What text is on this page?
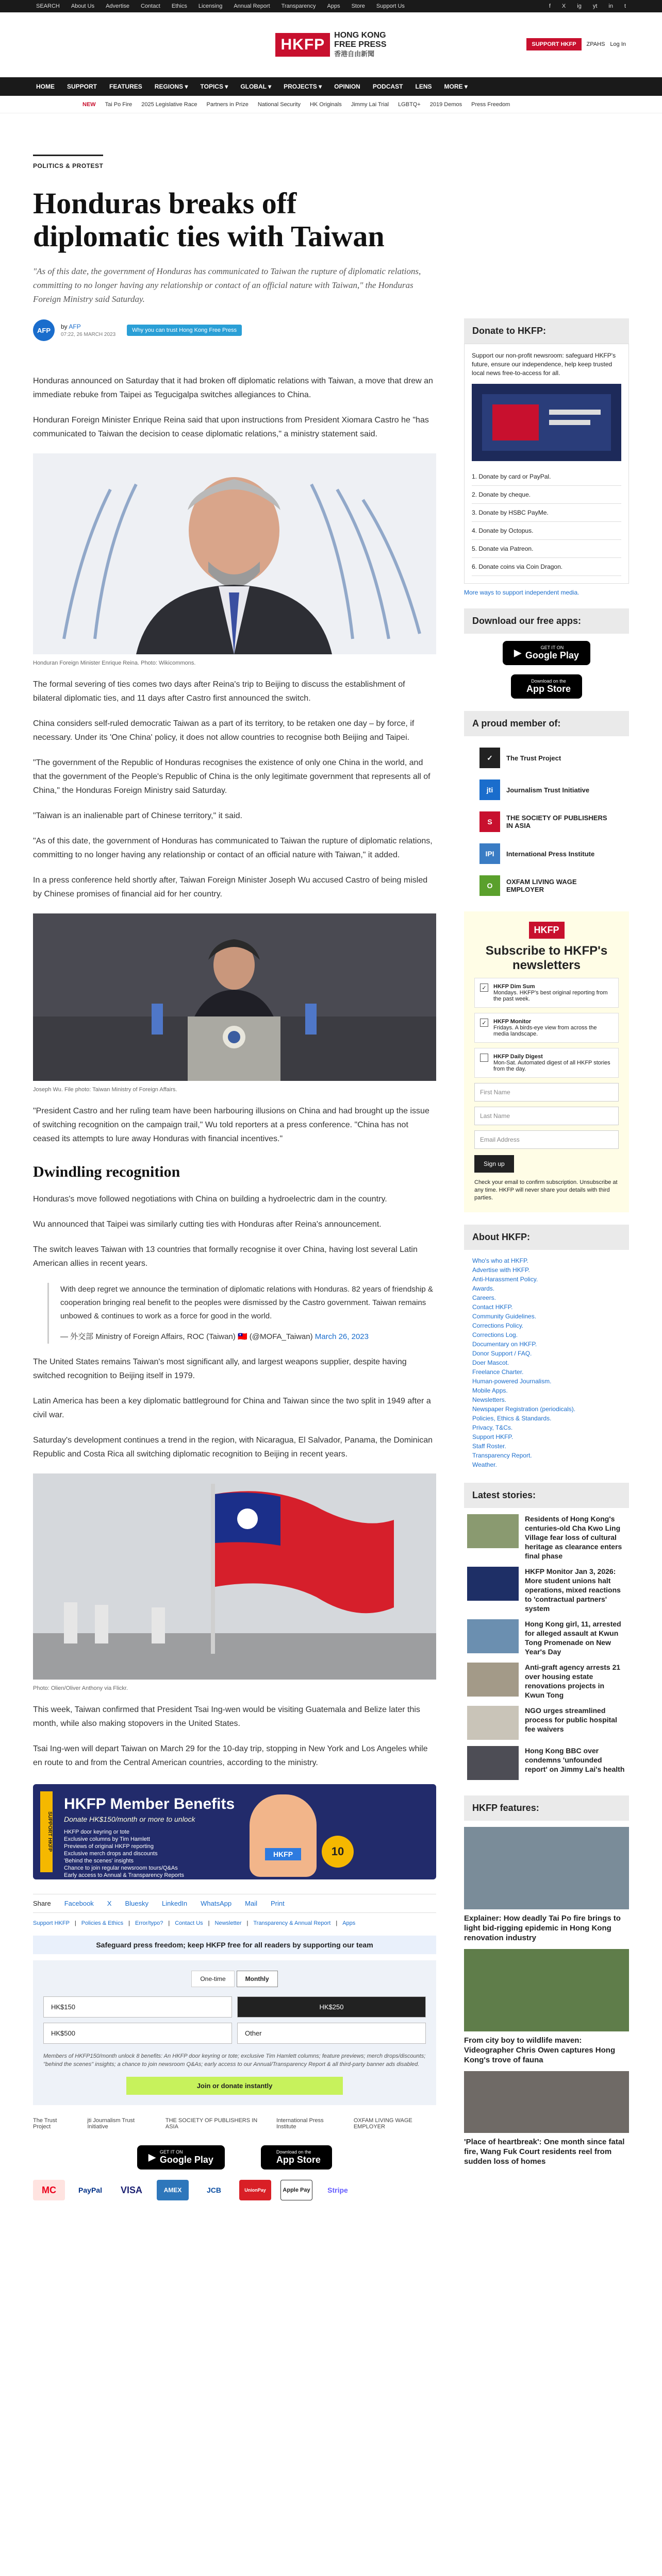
SEARCH About Us Advertise Contact Ethics Licensing Annual Report Transparency Apps Store Support Us	f X ig yt in t
HKFP
HONG KONG
FREE PRESS
香港自由新聞
SUPPORT HKFP	ZPAHS Log In
HOME SUPPORT FEATURES REGIONS ▾ TOPICS ▾ GLOBAL ▾ PROJECTS ▾ OPINION PODCAST LENS MORE ▾
NEW Tai Po Fire 2025 Legislative Race Partners in Prize National Security HK Originals Jimmy Lai Trial LGBTQ+ 2019 Demos Press Freedom
POLITICS & PROTEST
Honduras breaks off diplomatic ties with Taiwan
"As of this date, the government of Honduras has communicated to Taiwan the rupture of diplomatic relations, committing to no longer having any relationship or contact of an official nature with Taiwan," the Honduras Foreign Ministry said Saturday.
AFP	by AFP
07:22, 26 MARCH 2023
Why you can trust Hong Kong Free Press

Honduras announced on Saturday that it had broken off diplomatic relations with Taiwan, a move that drew an immediate rebuke from Taipei as Tegucigalpa switches allegiances to China.

Honduran Foreign Minister Enrique Reina said that upon instructions from President Xiomara Castro he "has communicated to Taiwan the decision to cease diplomatic relations," a ministry statement said.

Honduran Foreign Minister Enrique Reina. Photo: Wikicommons.

The formal severing of ties comes two days after Reina's trip to Beijing to discuss the establishment of bilateral diplomatic ties, and 11 days after Castro first announced the switch.

China considers self-ruled democratic Taiwan as a part of its territory, to be retaken one day – by force, if necessary. Under its 'One China' policy, it does not allow countries to recognise both Beijing and Taipei.

"The government of the Republic of Honduras recognises the existence of only one China in the world, and that the government of the People's Republic of China is the only legitimate government that represents all of China," the Honduras Foreign Ministry said Saturday.

"Taiwan is an inalienable part of Chinese territory," it said.

"As of this date, the government of Honduras has communicated to Taiwan the rupture of diplomatic relations, committing to no longer having any relationship or contact of an official nature with Taiwan," it added.

In a press conference held shortly after, Taiwan Foreign Minister Joseph Wu accused Castro of being misled by Chinese promises of financial aid for her country.

Joseph Wu. File photo: Taiwan Ministry of Foreign Affairs.

"President Castro and her ruling team have been harbouring illusions on China and had brought up the issue of switching recognition on the campaign trail," Wu told reporters at a press conference. "China has not ceased its attempts to lure away Honduras with financial incentives."

Dwindling recognition

Honduras's move followed negotiations with China on building a hydroelectric dam in the country.

Wu announced that Taipei was similarly cutting ties with Honduras after Reina's announcement.

The switch leaves Taiwan with 13 countries that formally recognise it over China, having lost several Latin American allies in recent years.

With deep regret we announce the termination of diplomatic relations with Honduras. 82 years of friendship & cooperation bringing real benefit to the peoples were dismissed by the Castro government. Taiwan remains unbowed & continues to work as a force for good in the world.
— 外交部 Ministry of Foreign Affairs, ROC (Taiwan) 🇹🇼 (@MOFA_Taiwan) March 26, 2023

The United States remains Taiwan's most significant ally, and largest weapons supplier, despite having switched recognition to Beijing itself in 1979.

Latin America has been a key diplomatic battleground for China and Taiwan since the two split in 1949 after a civil war.

Saturday's development continues a trend in the region, with Nicaragua, El Salvador, Panama, the Dominican Republic and Costa Rica all switching diplomatic recognition to Beijing in recent years.

Photo: Olien/Oliver Anthony via Flickr.

This week, Taiwan confirmed that President Tsai Ing-wen would be visiting Guatemala and Belize later this month, while also making stopovers in the United States.

Tsai Ing-wen will depart Taiwan on March 29 for the 10-day trip, stopping in New York and Los Angeles while en route to and from the Central American countries, according to the ministry.

SUPPORT HKFP
HKFP Member Benefits
Donate HK$150/month or more to unlock
HKFP door keyring or tote
Exclusive columns by Tim Hamlett
Previews of original HKFP reporting
Exclusive merch drops and discounts
'Behind the scenes' insights
Chance to join regular newsroom tours/Q&As
Early access to Annual & Transparency Reports
All third-party banner ads disabled
HKFP	10
Share Facebook X Bluesky LinkedIn WhatsApp Mail Print
Support HKFP | Policies & Ethics | Error/typo? | Contact Us | Newsletter | Transparency & Annual Report | Apps
Safeguard press freedom; keep HKFP free for all readers by supporting our team
One-time	Monthly
HK$150	HK$250
HK$500	Other
Members of HKFP150/month unlock 8 benefits: An HKFP door keyring or tote; exclusive Tim Hamlett columns; feature previews; merch drops/discounts; "behind the scenes" insights; a chance to join newsroom Q&As; early access to our Annual/Transparency Report & all third-party banner ads disabled.
Join or donate instantly
The Trust Project
jti Journalism Trust Initiative
THE SOCIETY OF PUBLISHERS IN ASIA
International Press Institute
OXFAM LIVING WAGE EMPLOYER
▶ GET IT ON
Google Play
Download on the
App Store
MC	PayPal	VISA	AMEX	JCB	UnionPay	Apple Pay	Stripe
Donate to HKFP:

Support our non-profit newsroom: safeguard HKFP's future, ensure our independence, help keep trusted local news free-to-access for all.

1. Donate by card or PayPal.
2. Donate by cheque.
3. Donate by HSBC PayMe.
4. Donate by Octopus.
5. Donate via Patreon.
6. Donate coins via Coin Dragon.
More ways to support independent media.
Download our free apps:
▶	GET IT ON
Google Play

Download on the
App Store
A proud member of:
✓	The Trust Project
jti	Journalism Trust Initiative
S	THE SOCIETY OF PUBLISHERS IN ASIA
IPI	International Press Institute
O	OXFAM LIVING WAGE EMPLOYER
HKFP
Subscribe to HKFP's newsletters
✓	HKFP Dim Sum
Mondays. HKFP's best original reporting from the past week.
✓	HKFP Monitor
Fridays. A birds-eye view from across the media landscape.
HKFP Daily Digest
Mon-Sat. Automated digest of all HKFP stories from the day.
First Name
Last Name
Email Address
Sign up

Check your email to confirm subscription. Unsubscribe at any time. HKFP will never share your details with third parties.

About HKFP:
Who's who at HKFP.
Advertise with HKFP.
Anti-Harassment Policy.
Awards.
Careers.
Contact HKFP.
Community Guidelines.
Corrections Policy.
Corrections Log.
Documentary on HKFP.
Donor Support / FAQ.
Doer Mascot.
Freelance Charter.
Human-powered Journalism.
Mobile Apps.
Newsletters.
Newspaper Registration (periodicals).
Policies, Ethics & Standards.
Privacy, T&Cs.
Support HKFP.
Staff Roster.
Transparency Report.
Weather.
Latest stories:
Residents of Hong Kong's centuries-old Cha Kwo Ling Village fear loss of cultural heritage as clearance enters final phase
HKFP Monitor Jan 3, 2026: More student unions halt operations, mixed reactions to 'contractual partners' system
Hong Kong girl, 11, arrested for alleged assault at Kwun Tong Promenade on New Year's Day
Anti-graft agency arrests 21 over housing estate renovations projects in Kwun Tong
NGO urges streamlined process for public hospital fee waivers
Hong Kong BBC over condemns 'unfounded report' on Jimmy Lai's health
HKFP features:
Explainer: How deadly Tai Po fire brings to light bid-rigging epidemic in Hong Kong renovation industry
From city boy to wildlife maven: Videographer Chris Owen captures Hong Kong's trove of fauna
'Place of heartbreak': One month since fatal fire, Wang Fuk Court residents reel from sudden loss of homes
